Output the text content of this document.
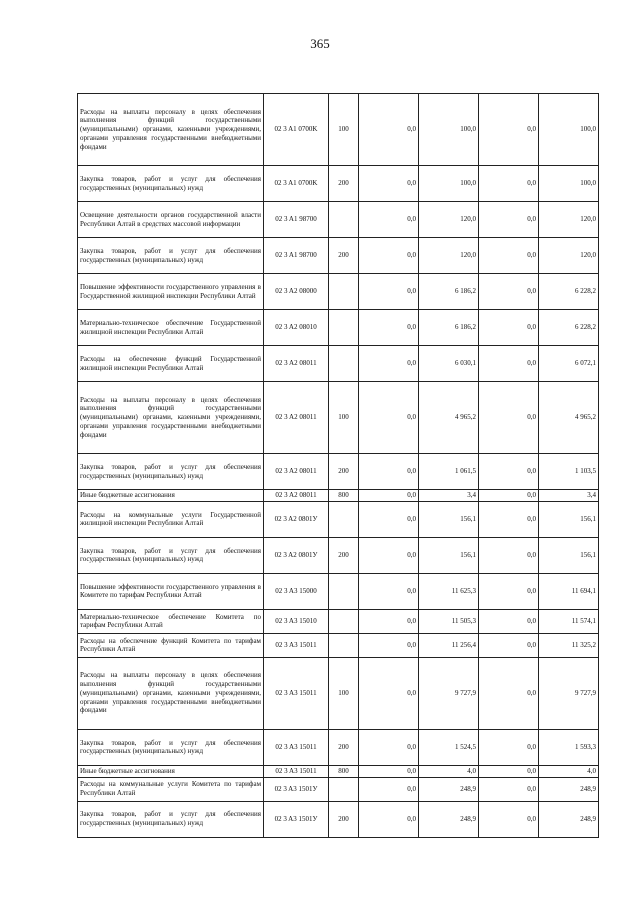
365
Расходы на выплаты персоналу в целях обеспечения выполнения функций государственными (муниципальными) органами, казенными учреждениями, органами управления государственными внебюджетными фондами	02 3 A1 0700K	100	0,0	100,0	0,0	100,0
Закупка товаров, работ и услуг для обеспечения государственных (муниципальных) нужд	02 3 A1 0700K	200	0,0	100,0	0,0	100,0
Освещение деятельности органов государственной власти Республики Алтай в средствах массовой информации	02 3 A1 98700		0,0	120,0	0,0	120,0
Закупка товаров, работ и услуг для обеспечения государственных (муниципальных) нужд	02 3 A1 98700	200	0,0	120,0	0,0	120,0
Повышение эффективности государственного управления в Государственной жилищной инспекции Республики Алтай	02 3 A2 08000		0,0	6 186,2	0,0	6 228,2
Материально-техническое обеспечение Государственной жилищной инспекции Республики Алтай	02 3 A2 08010		0,0	6 186,2	0,0	6 228,2
Расходы на обеспечение функций Государственной жилищной инспекции Республики Алтай	02 3 A2 08011		0,0	6 030,1	0,0	6 072,1
Расходы на выплаты персоналу в целях обеспечения выполнения функций государственными (муниципальными) органами, казенными учреждениями, органами управления государственными внебюджетными фондами	02 3 A2 08011	100	0,0	4 965,2	0,0	4 965,2
Закупка товаров, работ и услуг для обеспечения государственных (муниципальных) нужд	02 3 A2 08011	200	0,0	1 061,5	0,0	1 103,5
Иные бюджетные ассигнования	02 3 A2 08011	800	0,0	3,4	0,0	3,4
Расходы на коммунальные услуги Государственной жилищной инспекции Республики Алтай	02 3 A2 0801У		0,0	156,1	0,0	156,1
Закупка товаров, работ и услуг для обеспечения государственных (муниципальных) нужд	02 3 A2 0801У	200	0,0	156,1	0,0	156,1
Повышение эффективности государственного управления в Комитете по тарифам Республики Алтай	02 3 A3 15000		0,0	11 625,3	0,0	11 694,1
Материально-техническое обеспечение Комитета по тарифам Республики Алтай	02 3 A3 15010		0,0	11 505,3	0,0	11 574,1
Расходы на обеспечение функций Комитета по тарифам Республики Алтай	02 3 A3 15011		0,0	11 256,4	0,0	11 325,2
Расходы на выплаты персоналу в целях обеспечения выполнения функций государственными (муниципальными) органами, казенными учреждениями, органами управления государственными внебюджетными фондами	02 3 A3 15011	100	0,0	9 727,9	0,0	9 727,9
Закупка товаров, работ и услуг для обеспечения государственных (муниципальных) нужд	02 3 A3 15011	200	0,0	1 524,5	0,0	1 593,3
Иные бюджетные ассигнования	02 3 A3 15011	800	0,0	4,0	0,0	4,0
Расходы на коммунальные услуги Комитета по тарифам Республики Алтай	02 3 A3 1501У		0,0	248,9	0,0	248,9
Закупка товаров, работ и услуг для обеспечения государственных (муниципальных) нужд	02 3 A3 1501У	200	0,0	248,9	0,0	248,9
